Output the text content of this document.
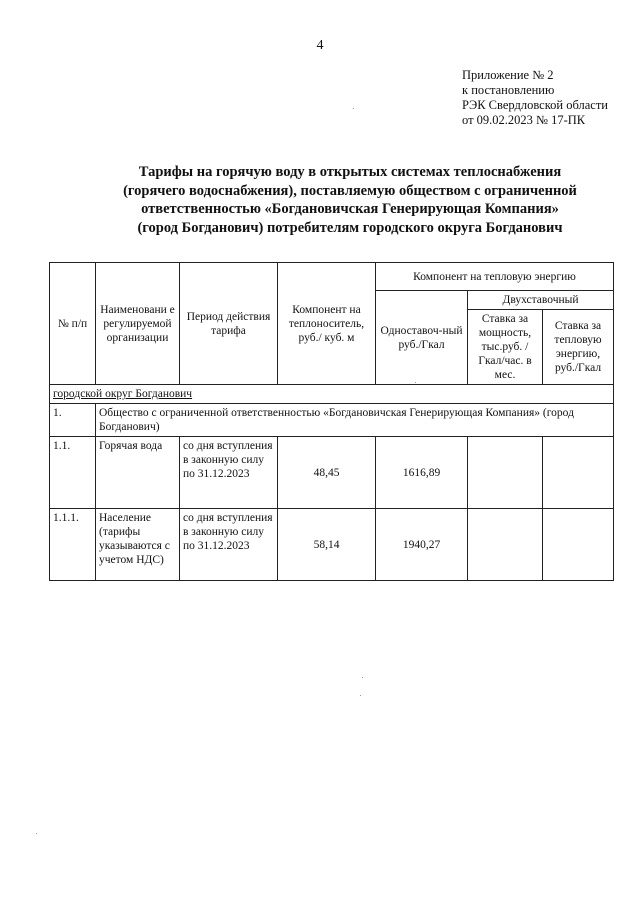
4
Приложение № 2
к постановлению
РЭК Свердловской области
от 09.02.2023 № 17-ПК
Тарифы на горячую воду в открытых системах теплоснабжения
(горячего водоснабжения), поставляемую обществом с ограниченной
ответственностью «Богдановичская Генерирующая Компания»
(город Богданович) потребителям городского округа Богданович
№ п/п	Наименовани е регулируемой организации	Период действия тарифа	Компонент на теплоноситель, руб./ куб. м	Компонент на тепловую энергию		
				Одноставоч-ный руб./Гкал	Двухставочный	
					Ставка за мощность, тыс.руб. /Гкал/час. в мес.	Ставка за тепловую энергию, руб./Гкал
городской округ Богданович						
1.	Общество с ограниченной ответственностью «Богдановичская Генерирующая Компания» (город Богданович)					
1.1.	Горячая вода	со дня вступления в законную силу по 31.12.2023	48,45	1616,89		
1.1.1.	Население (тарифы указываются с учетом НДС)	со дня вступления в законную силу по 31.12.2023	58,14	1940,27		
